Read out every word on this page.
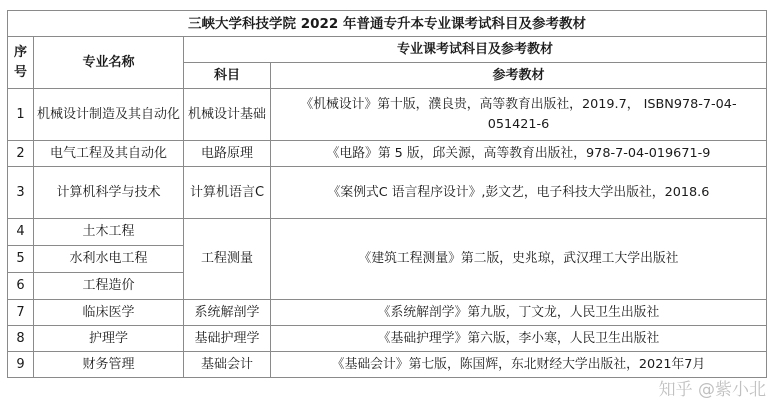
三峡大学科技学院 2022 年普通专升本专业课考试科目及参考教材			
序号	专业名称	专业课考试科目及参考教材	
		科目	参考教材
1	机械设计制造及其自动化	机械设计基础	《机械设计》第十版，濮良贵，高等教育出版社，2019.7， ISBN978-7-04-051421-6
2	电气工程及其自动化	电路原理	《电路》第 5 版，邱关源，高等教育出版社，978-7-04-019671-9
3	计算机科学与技术	计算机语言C	《案例式C 语言程序设计》,彭文艺，电子科技大学出版社，2018.6
4	土木工程	工程测量	《建筑工程测量》第二版，史兆琼，武汉理工大学出版社
5	水利水电工程		
6	工程造价		
7	临床医学	系统解剖学	《系统解剖学》第九版，丁文龙，人民卫生出版社
8	护理学	基础护理学	《基础护理学》第六版，李小寒，人民卫生出版社
9	财务管理	基础会计	《基础会计》第七版，陈国辉，东北财经大学出版社，2021年7月
知乎 @紫小北
